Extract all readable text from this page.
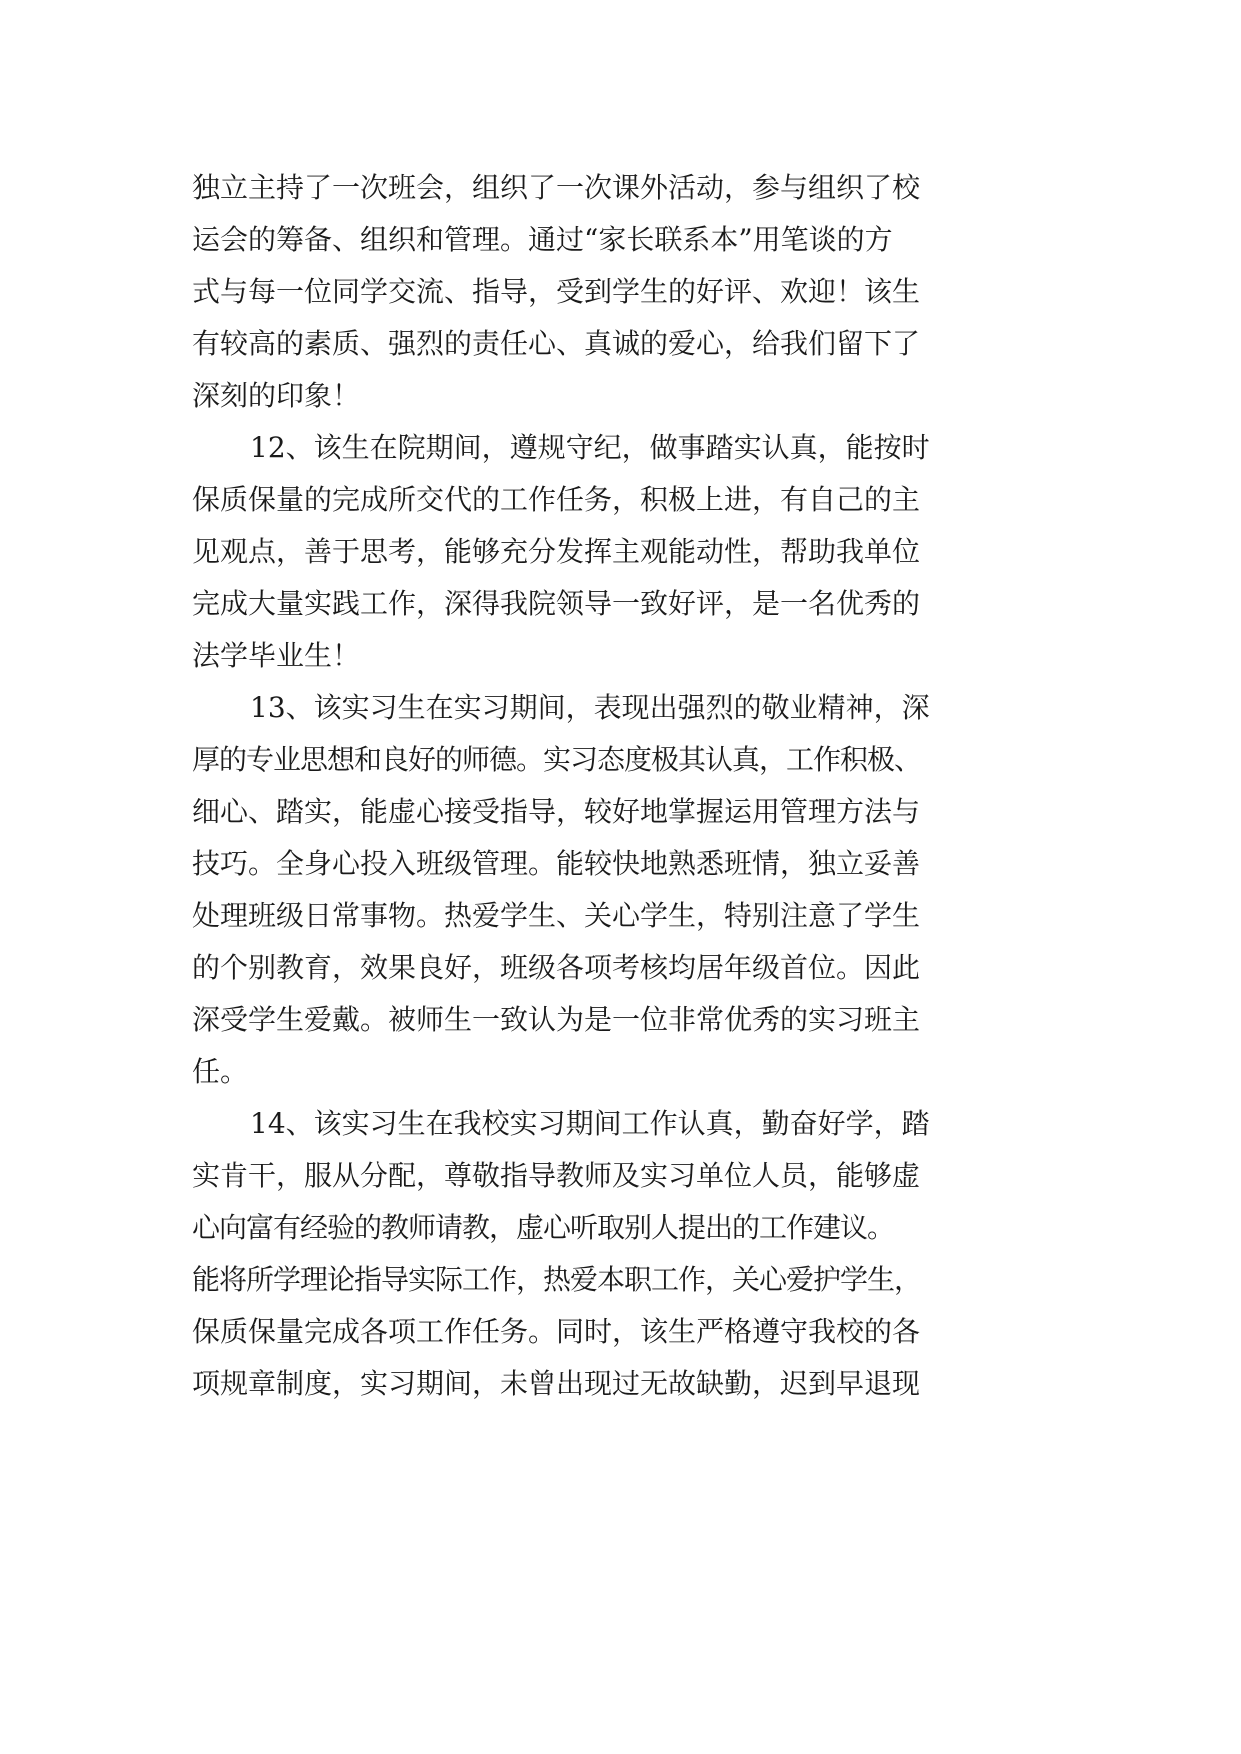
独立主持了一次班会，组织了一次课外活动，参与组织了校
运会的筹备、组织和管理。通过“家长联系本”用笔谈的方
式与每一位同学交流、指导，受到学生的好评、欢迎！该生
有较高的素质、强烈的责任心、真诚的爱心，给我们留下了
深刻的印象！
12、该生在院期间，遵规守纪，做事踏实认真，能按时
保质保量的完成所交代的工作任务，积极上进，有自己的主
见观点，善于思考，能够充分发挥主观能动性，帮助我单位
完成大量实践工作，深得我院领导一致好评，是一名优秀的
法学毕业生！
13、该实习生在实习期间，表现出强烈的敬业精神，深
厚的专业思想和良好的师德。实习态度极其认真，工作积极、
细心、踏实，能虚心接受指导，较好地掌握运用管理方法与
技巧。全身心投入班级管理。能较快地熟悉班情，独立妥善
处理班级日常事物。热爱学生、关心学生，特别注意了学生
的个别教育，效果良好，班级各项考核均居年级首位。因此
深受学生爱戴。被师生一致认为是一位非常优秀的实习班主
任。
14、该实习生在我校实习期间工作认真，勤奋好学，踏
实肯干，服从分配，尊敬指导教师及实习单位人员，能够虚
心向富有经验的教师请教，虚心听取别人提出的工作建议。
能将所学理论指导实际工作，热爱本职工作，关心爱护学生，
保质保量完成各项工作任务。同时，该生严格遵守我校的各
项规章制度，实习期间，未曾出现过无故缺勤，迟到早退现
